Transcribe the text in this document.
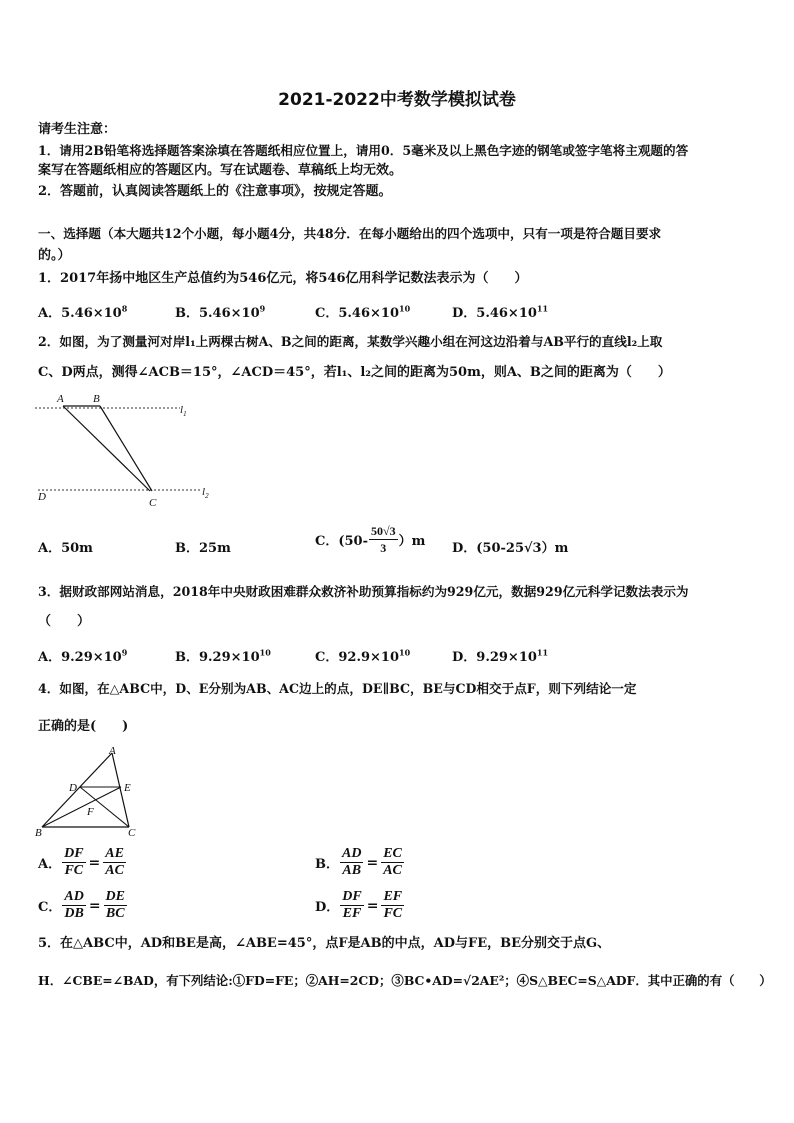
2021-2022中考数学模拟试卷
请考生注意：
1．请用2B铅笔将选择题答案涂填在答题纸相应位置上，请用0．5毫米及以上黑色字迹的钢笔或签字笔将主观题的答
案写在答题纸相应的答题区内。写在试题卷、草稿纸上均无效。
2．答题前，认真阅读答题纸上的《注意事项》，按规定答题。
一、选择题（本大题共12个小题，每小题4分，共48分．在每小题给出的四个选项中，只有一项是符合题目要求
的。）
1．2017年扬中地区生产总值约为546亿元，将546亿用科学记数法表示为（　　）
A．$5.46\times 10^8$	B．$5.46\times 10^9$	C．$5.46\times 10^{10}$	D．$5.46\times 10^{11}$
2．如图，为了测量河对岸l₁上两棵古树A、B之间的距离，某数学兴趣小组在河这边沿着与AB平行的直线l₂上取
C、D两点，测得∠ACB＝15°，∠ACD＝45°，若l₁、l₂之间的距离为50m，则A、B之间的距离为（　　）
A	B
D	C
$l_1$
$l_2$
A．50m	B．25m	C．$(50- \frac{50√3}{3} )m$ D．(50-25√3）m
3．据财政部网站消息，2018年中央财政困难群众救济补助预算指标约为929亿元，数据929亿元科学记数法表示为
（　　）
A．$9.29\times 10^9$	B．$9.29\times 10^{10}$	C．$92.9\times 10^{10}$	D．$9.29\times 10^{11}$
4．如图，在△ABC中，D、E分别为AB、AC边上的点，DE∥BC，BE与CD相交于点F，则下列结论一定
正确的是(　　)
A
D	E
F
B	C
A． $\frac{DF}{FC} = \frac{AE}{AC}$	B． $\frac{AD}{AB} = \frac{EC}{AC}$
C． $\frac{AD}{DB} = \frac{DE}{BC}$	D． $\frac{DF}{EF} = \frac{EF}{FC}$
5．在△ABC中，AD和BE是高，∠ABE=45°，点F是AB的中点，AD与FE，BE分别交于点G、
H．∠CBE=∠BAD，有下列结论:①FD=FE；②AH=2CD；③BC•AD=√2AE²；④S△BEC=S△ADF．其中正确的有（　　）
